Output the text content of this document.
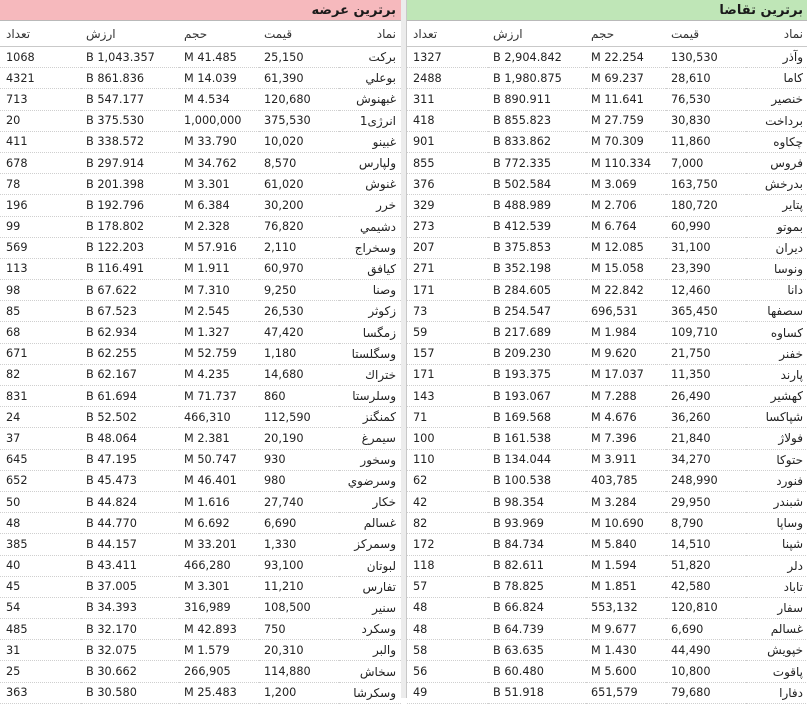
برترین عرضه
نماد	قیمت	حجم	ارزش	تعداد
برکت	25,150	41.485 M	1,043.357 B	1068
بوعلي	61,390	14.039 M	861.836 B	4321
غبهنوش	120,680	4.534 M	547.177 B	713
انرژی1	375,530	1,000,000	375.530 B	20
غبينو	10,020	33.790 M	338.572 B	411
ولپارس	8,570	34.762 M	297.914 B	678
غنوش	61,020	3.301 M	201.398 B	78
خرر	30,200	6.384 M	192.796 B	196
دشيمي	76,820	2.328 M	178.802 B	99
وسخراج	2,110	57.916 M	122.203 B	569
کيافق	60,970	1.911 M	116.491 B	113
وصنا	9,250	7.310 M	67.622 B	98
زکوثر	26,530	2.545 M	67.523 B	85
زمگسا	47,420	1.327 M	62.934 B	68
وسگلستا	1,180	52.759 M	62.255 B	671
ختراك	14,680	4.235 M	62.167 B	82
وسلرستا	860	71.737 M	61.694 B	831
کمنگنز	112,590	466,310	52.502 B	24
سيمرغ	20,190	2.381 M	48.064 B	37
وسخور	930	50.747 M	47.195 B	645
وسرضوي	980	46.401 M	45.473 B	652
خکار	27,740	1.616 M	44.824 B	50
غسالم	6,690	6.692 M	44.770 B	48
وسمرکز	1,330	33.201 M	44.157 B	385
لبوتان	93,100	466,280	43.411 B	40
تفارس	11,210	3.301 M	37.005 B	45
سنير	108,500	316,989	34.393 B	54
وسکرد	750	42.893 M	32.170 B	485
والبر	20,310	1.579 M	32.075 B	31
سخاش	114,880	266,905	30.662 B	25
وسکرشا	1,200	25.483 M	30.580 B	363
برترین تقاضا
نماد	قیمت	حجم	ارزش	تعداد
وآذر	130,530	22.254 M	2,904.842 B	1327
کاما	28,610	69.237 M	1,980.875 B	2488
خنصير	76,530	11.641 M	890.911 B	311
برداخت	30,830	27.759 M	855.823 B	418
چکاوه	11,860	70.309 M	833.862 B	901
فروس	7,000	110.334 M	772.335 B	855
بدرخش	163,750	3.069 M	502.584 B	376
پتاير	180,720	2.706 M	488.989 B	329
بموتو	60,990	6.764 M	412.539 B	273
ديران	31,100	12.085 M	375.853 B	207
ونوسا	23,390	15.058 M	352.198 B	271
دانا	12,460	22.842 M	284.605 B	171
سصفها	365,450	696,531	254.547 B	73
کساوه	109,710	1.984 M	217.689 B	59
خفنر	21,750	9.620 M	209.230 B	157
پارند	11,350	17.037 M	193.375 B	171
کهشير	26,490	7.288 M	193.067 B	143
شپاکسا	36,260	4.676 M	169.568 B	71
فولاژ	21,840	7.396 M	161.538 B	100
حتوکا	34,270	3.911 M	134.044 B	110
فنورد	248,990	403,785	100.538 B	62
شبندر	29,950	3.284 M	98.354 B	42
وساپا	8,790	10.690 M	93.969 B	82
شپنا	14,510	5.840 M	84.734 B	172
دلر	51,820	1.594 M	82.611 B	118
تاباد	42,580	1.851 M	78.825 B	57
سفار	120,810	553,132	66.824 B	48
غسالم	6,690	9.677 M	64.739 B	48
خپويش	44,490	1.430 M	63.635 B	58
پاقوت	10,800	5.600 M	60.480 B	56
دفارا	79,680	651,579	51.918 B	49
